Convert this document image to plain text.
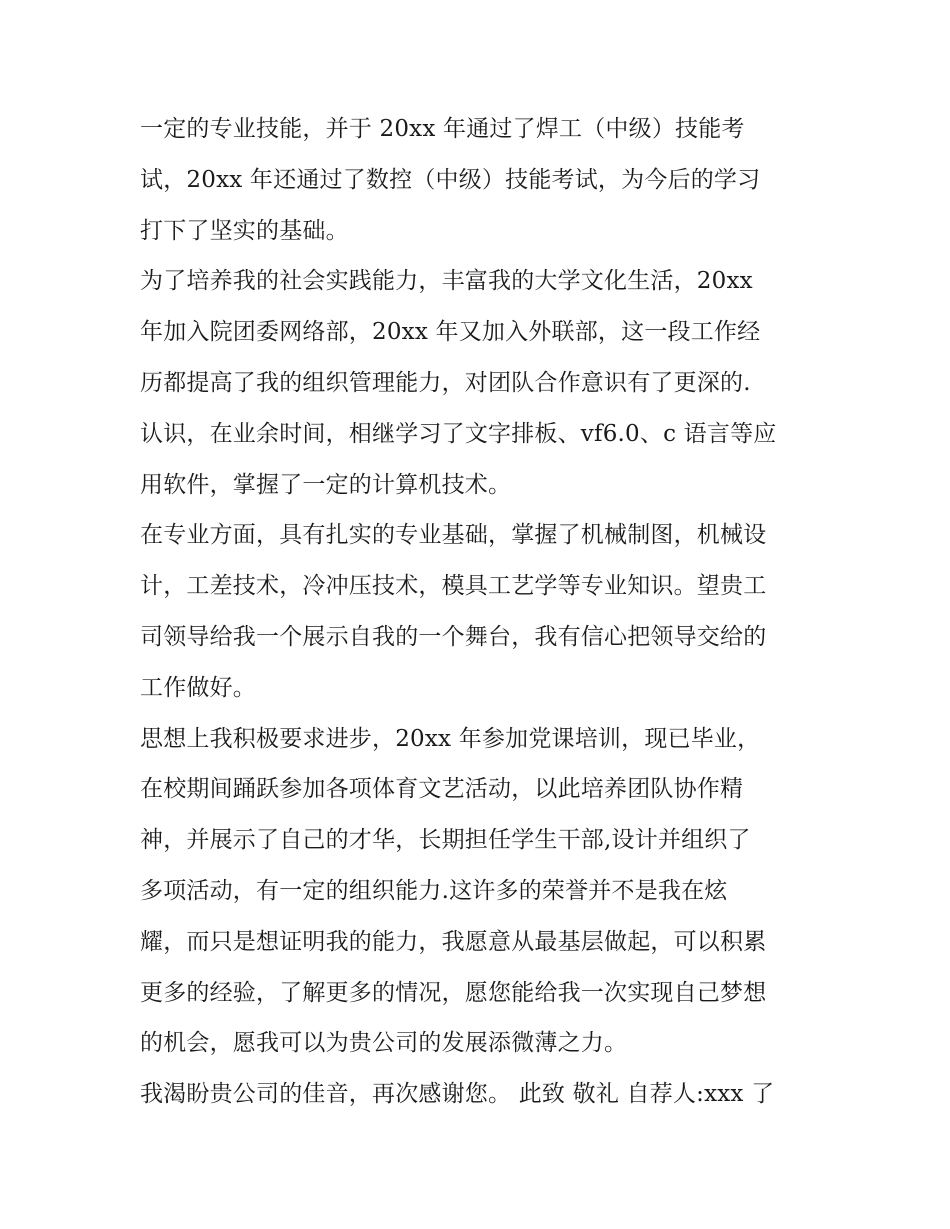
一定的专业技能，并于 20xx 年通过了焊工（中级）技能考
试，20xx 年还通过了数控（中级）技能考试，为今后的学习
打下了坚实的基础。
为了培养我的社会实践能力，丰富我的大学文化生活，20xx
年加入院团委网络部，20xx 年又加入外联部，这一段工作经
历都提高了我的组织管理能力，对团队合作意识有了更深的.
认识，在业余时间，相继学习了文字排板、vf6.0、c 语言等应
用软件，掌握了一定的计算机技术。
在专业方面，具有扎实的专业基础，掌握了机械制图，机械设
计，工差技术，冷冲压技术，模具工艺学等专业知识。望贵工
司领导给我一个展示自我的一个舞台，我有信心把领导交给的
工作做好。
思想上我积极要求进步，20xx 年参加党课培训，现已毕业，
在校期间踊跃参加各项体育文艺活动，以此培养团队协作精
神，并展示了自己的才华，长期担任学生干部,设计并组织了
多项活动，有一定的组织能力.这许多的荣誉并不是我在炫
耀，而只是想证明我的能力，我愿意从最基层做起，可以积累
更多的经验，了解更多的情况，愿您能给我一次实现自己梦想
的机会，愿我可以为贵公司的发展添微薄之力。
我渴盼贵公司的佳音，再次感谢您。 此致 敬礼 自荐人:xxx 了
